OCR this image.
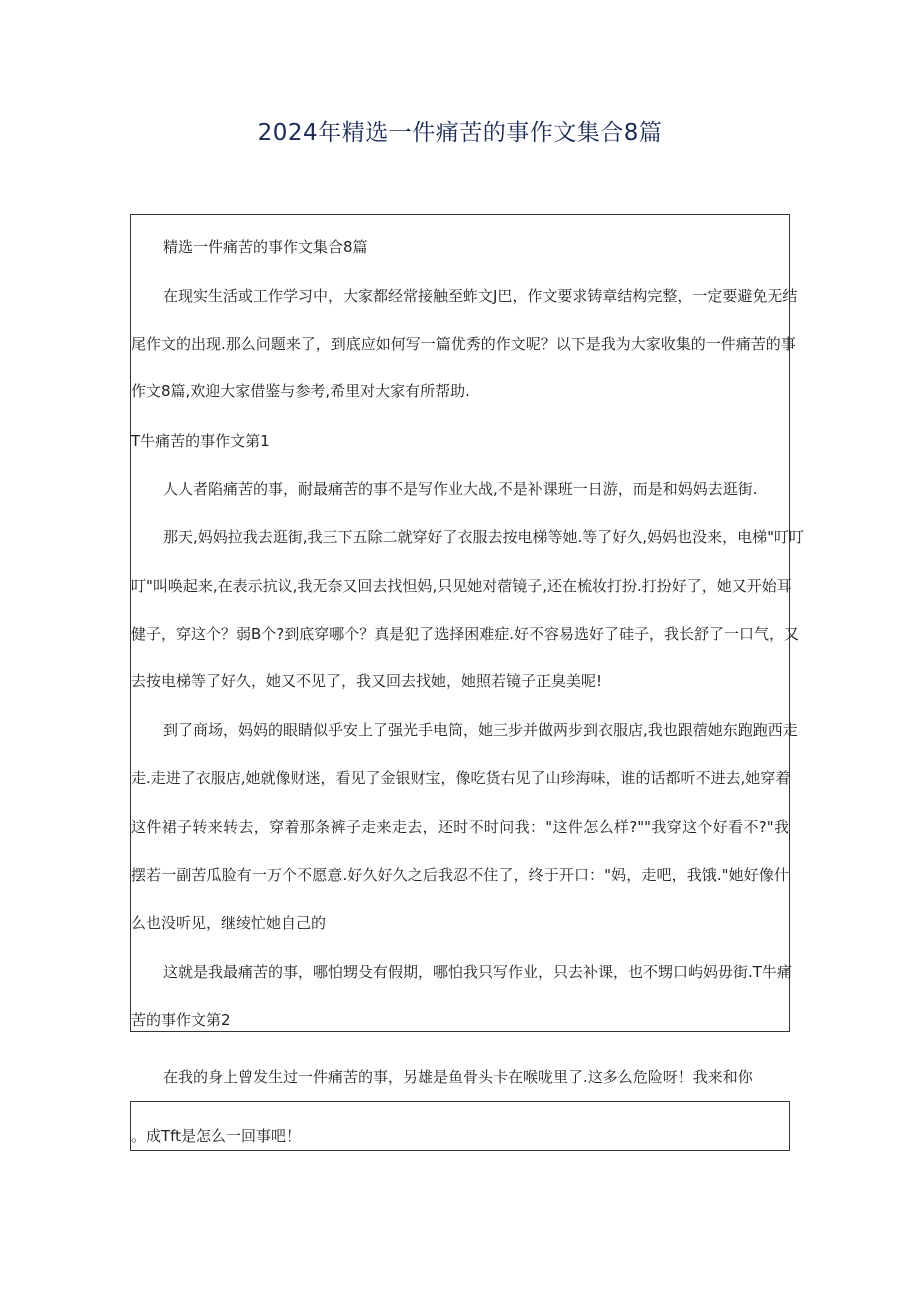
2024年精选一件痛苦的事作文集合8篇
精选一件痛苦的事作文集合8篇
在现实生活或工作学习中，大家都经常接触至蚱文J巴，作文要求铸章结构完整，一定要避免无结
尾作文的出现.那么问题来了，到底应如何写一篇优秀的作文呢？以下是我为大家收集的一件痛苦的事
作文8篇,欢迎大家借鉴与参考,希里对大家有所帮助.
T牛痛苦的事作文第1
人人者陷痛苦的事，耐最痛苦的事不是写作业大战,不是补课班一日游，而是和妈妈去逛街.
那天,妈妈拉我去逛街,我三下五除二就穿好了衣服去按电梯等她.等了好久,妈妈也没来，电梯"叮叮
叮"叫唤起来,在表示抗议,我无奈又回去找怛妈,只见她对蓿镜子,还在梳妆打扮.打扮好了，她又开始耳
健子，穿这个？弱B个?到底穿哪个？真是犯了选择困难症.好不容易选好了硅子，我长舒了一口气，又
去按电梯等了好久，她又不见了，我又回去找她，她照若镜子正臭美呢!
到了商场，妈妈的眼睛似乎安上了强光手电筒，她三步并做两步到衣服店,我也跟蓿她东跑跑西走
走.走进了衣服店,她就像财迷，看见了金银财宝，像吃货右见了山珍海味，谁的话都听不进去,她穿着
这件裙子转来转去，穿着那条裤子走来走去，还时不时问我："这件怎么样?""我穿这个好看不?"我
摆若一副苦瓜脸有一万个不愿意.好久好久之后我忍不住了，终于开口："妈，走吧，我饿."她好像什
么也没听见，继绫忙她自己的
这就是我最痛苦的事，哪怕甥殳有假期，哪怕我只写作业，只去补课，也不甥口屿妈毋街.T牛痛
苦的事作文第2
在我的身上曾发生过一件痛苦的事，另雄是鱼骨头卡在喉咙里了.这多么危险呀！我来和你
。成Tft是怎么一回事吧！
